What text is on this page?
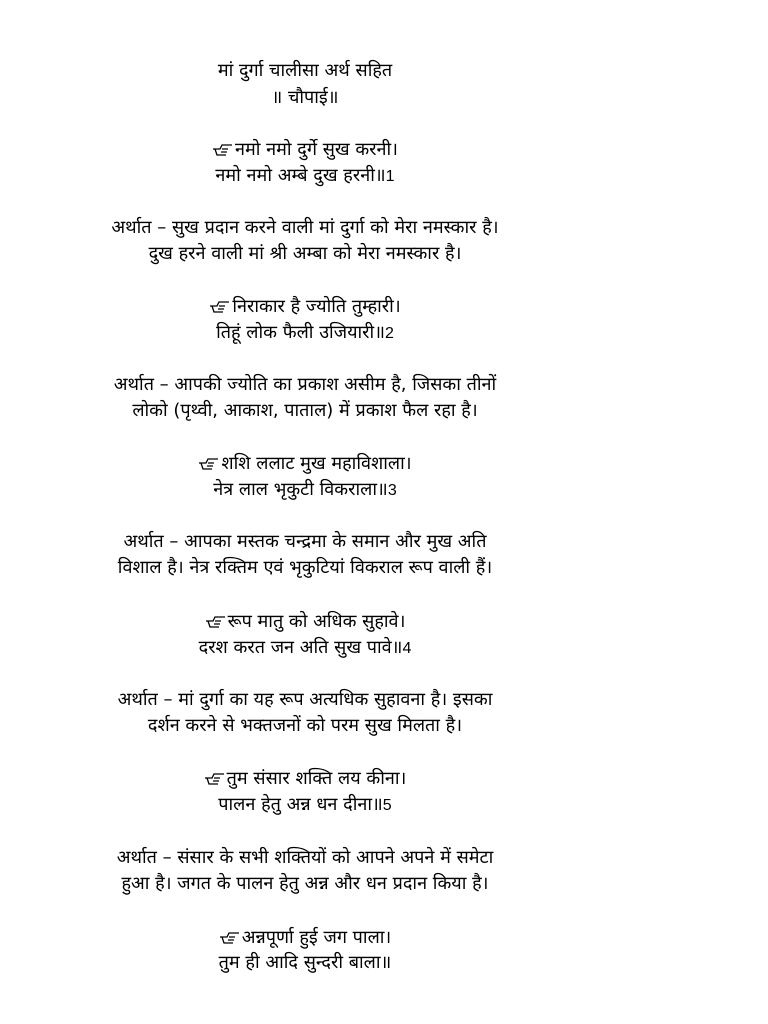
मां दुर्गा चालीसा अर्थ सहित
॥ चौपाई॥
नमो नमो दुर्गे सुख करनी।
नमो नमो अम्बे दुख हरनी॥1
अर्थात – सुख प्रदान करने वाली मां दुर्गा को मेरा नमस्कार है।
दुख हरने वाली मां श्री अम्बा को मेरा नमस्कार है।
निराकार है ज्योति तुम्हारी।
तिहूं लोक फैली उजियारी॥2
अर्थात – आपकी ज्योति का प्रकाश असीम है, जिसका तीनों
लोको (पृथ्वी, आकाश, पाताल) में प्रकाश फैल रहा है।
शशि ललाट मुख महाविशाला।
नेत्र लाल भृकुटी विकराला॥3
अर्थात – आपका मस्तक चन्द्रमा के समान और मुख अति
विशाल है। नेत्र रक्तिम एवं भृकुटियां विकराल रूप वाली हैं।
रूप मातु को अधिक सुहावे।
दरश करत जन अति सुख पावे॥4
अर्थात – मां दुर्गा का यह रूप अत्यधिक सुहावना है। इसका
दर्शन करने से भक्तजनों को परम सुख मिलता है।
तुम संसार शक्ति लय कीना।
पालन हेतु अन्न धन दीना॥5
अर्थात – संसार के सभी शक्तियों को आपने अपने में समेटा
हुआ है। जगत के पालन हेतु अन्न और धन प्रदान किया है।
अन्नपूर्णा हुई जग पाला।
तुम ही आदि सुन्दरी बाला॥
